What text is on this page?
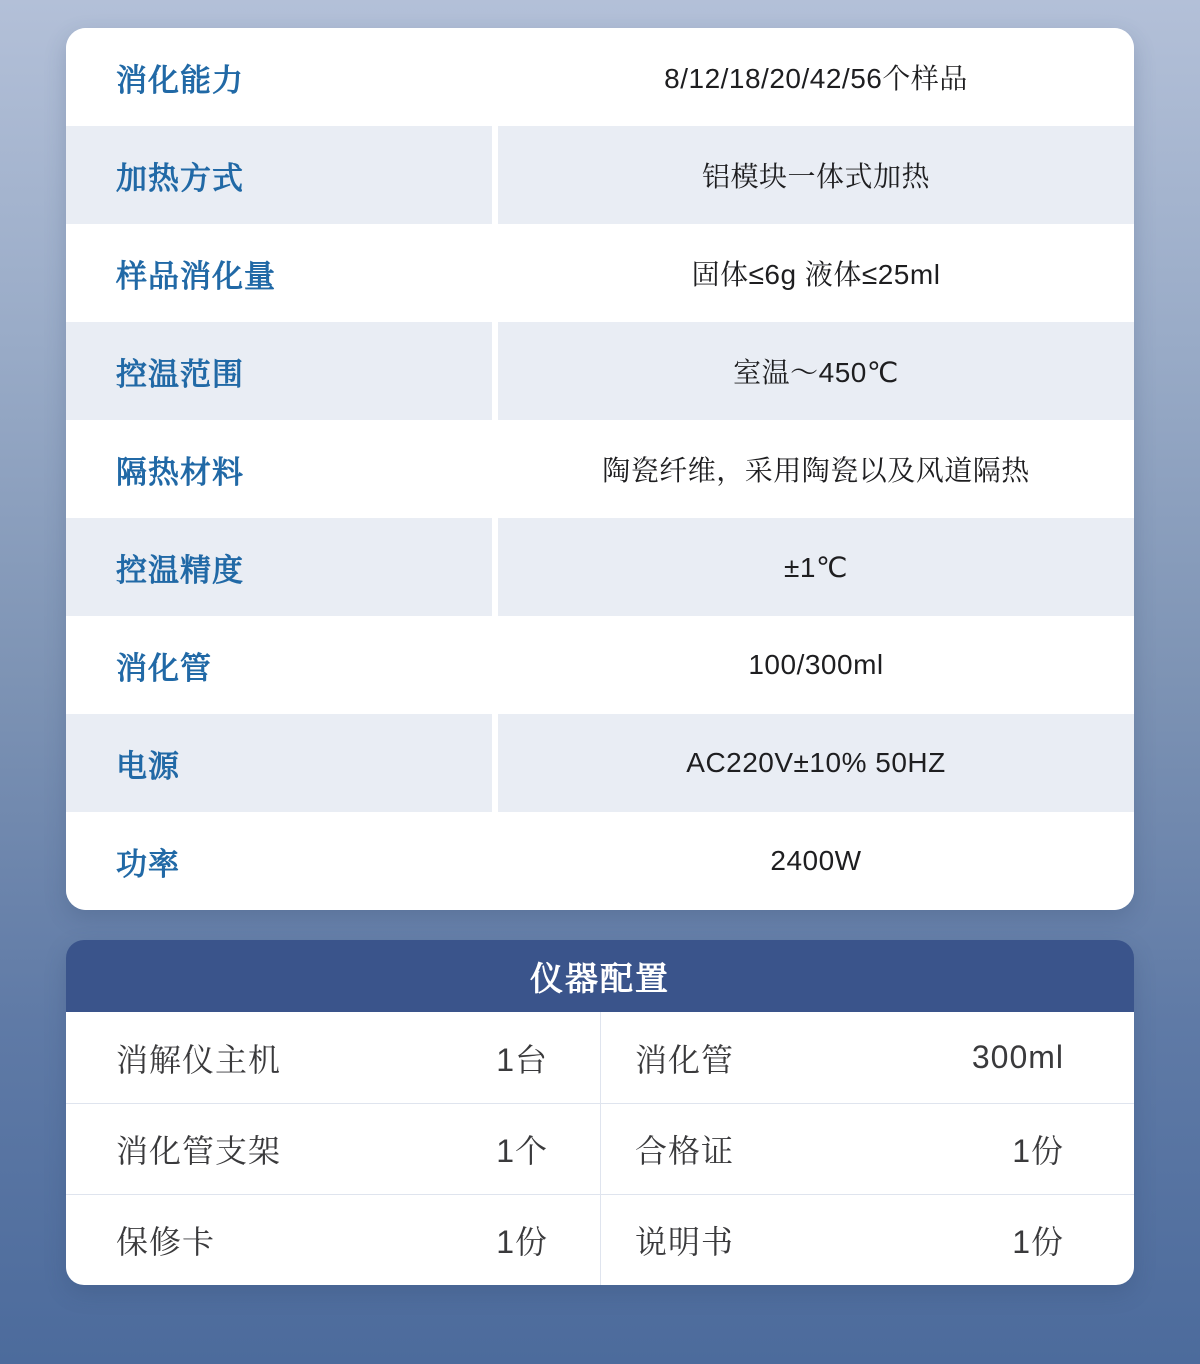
消化能力	8/12/18/20/42/56个样品
加热方式	铝模块一体式加热
样品消化量	固体≤6g 液体≤25ml
控温范围	室温～450℃
隔热材料	陶瓷纤维，采用陶瓷以及风道隔热
控温精度	±1℃
消化管	100/300ml
电源	AC220V±10% 50HZ
功率	2400W
仪器配置
消解仪主机	1台	消化管	300ml
消化管支架	1个	合格证	1份
保修卡	1份	说明书	1份
